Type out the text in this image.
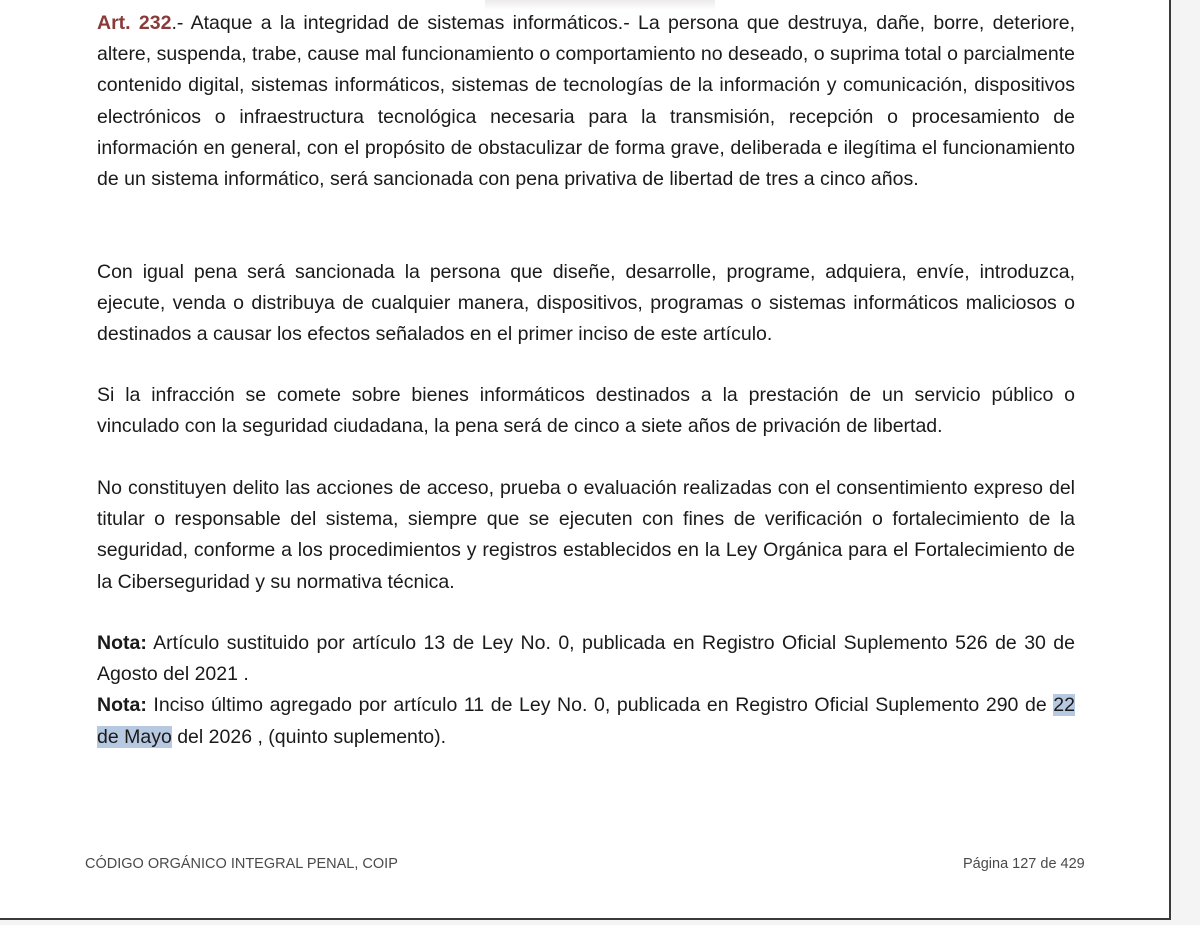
Art. 232.- Ataque a la integridad de sistemas informáticos.- La persona que destruya, dañe, borre, deteriore, altere, suspenda, trabe, cause mal funcionamiento o comportamiento no deseado, o suprima total o parcialmente contenido digital, sistemas informáticos, sistemas de tecnologías de la información y comunicación, dispositivos electrónicos o infraestructura tecnológica necesaria para la transmisión, recepción o procesamiento de información en general, con el propósito de obstaculizar de forma grave, deliberada e ilegítima el funcionamiento de un sistema informático, será sancionada con pena privativa de libertad de tres a cinco años.

Con igual pena será sancionada la persona que diseñe, desarrolle, programe, adquiera, envíe, introduzca, ejecute, venda o distribuya de cualquier manera, dispositivos, programas o sistemas informáticos maliciosos o destinados a causar los efectos señalados en el primer inciso de este artículo.

Si la infracción se comete sobre bienes informáticos destinados a la prestación de un servicio público o vinculado con la seguridad ciudadana, la pena será de cinco a siete años de privación de libertad.

No constituyen delito las acciones de acceso, prueba o evaluación realizadas con el consentimiento expreso del titular o responsable del sistema, siempre que se ejecuten con fines de verificación o fortalecimiento de la seguridad, conforme a los procedimientos y registros establecidos en la Ley Orgánica para el Fortalecimiento de la Ciberseguridad y su normativa técnica.

Nota: Artículo sustituido por artículo 13 de Ley No. 0, publicada en Registro Oficial Suplemento 526 de 30 de Agosto del 2021 .
Nota: Inciso último agregado por artículo 11 de Ley No. 0, publicada en Registro Oficial Suplemento 290 de 22 de Mayo del 2026 , (quinto suplemento).
CÓDIGO ORGÁNICO INTEGRAL PENAL, COIP	Página 127 de 429
